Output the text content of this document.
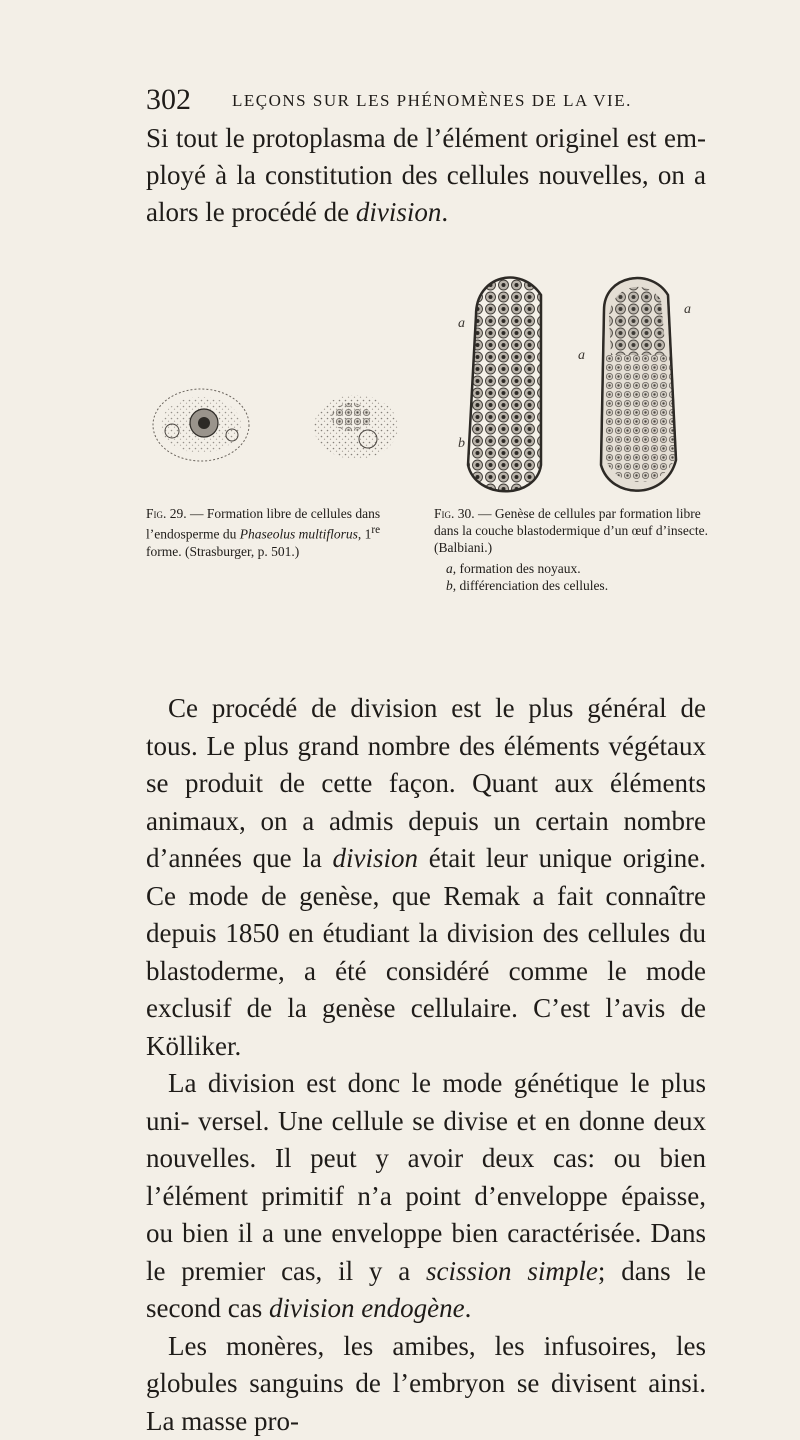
302 LEÇONS SUR LES PHÉNOMÈNES DE LA VIE.

Si tout le protoplasma de l’élément originel est em- ployé à la constitution des cellules nouvelles, on a alors le procédé de division.

a
b
a
a

Fig. 29. — Formation libre de cellules dans l’endosperme du Phaseolus multiflorus, 1re forme. (Strasburger, p. 501.)

Fig. 30. — Genèse de cellules par formation libre dans la couche blastodermique d’un œuf d’insecte. (Balbiani.)

a, formation des noyaux.

b, différenciation des cellules.

Ce procédé de division est le plus général de tous. Le plus grand nombre des éléments végétaux se produit de cette façon. Quant aux éléments animaux, on a admis depuis un certain nombre d’années que la division était leur unique origine. Ce mode de genèse, que Remak a fait connaître depuis 1850 en étudiant la division des cellules du blastoderme, a été considéré comme le mode exclusif de la genèse cellulaire. C’est l’avis de Kölliker.

La division est donc le mode génétique le plus uni- versel. Une cellule se divise et en donne deux nouvelles. Il peut y avoir deux cas: ou bien l’élément primitif n’a point d’enveloppe épaisse, ou bien il a une enveloppe bien caractérisée. Dans le premier cas, il y a scission simple; dans le second cas division endogène.

Les monères, les amibes, les infusoires, les globules sanguins de l’embryon se divisent ainsi. La masse pro-
